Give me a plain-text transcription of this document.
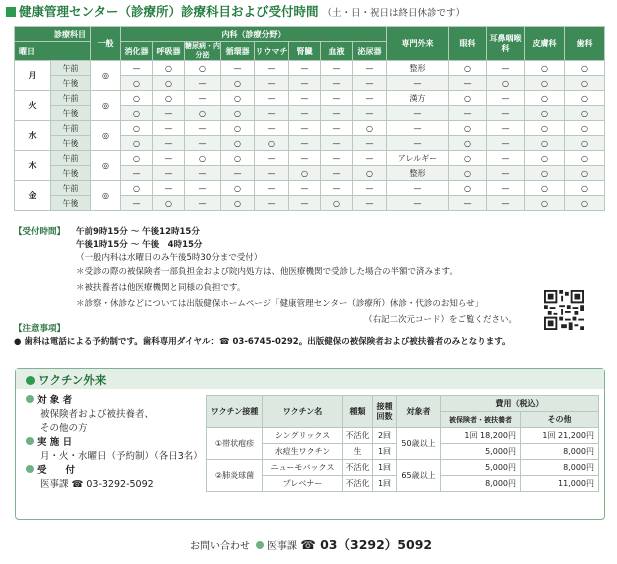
健康管理センター（診療所）診療科目および受付時間 （土・日・祝日は終日休診です）
診療科目		一般	内科（診療分野）								専門外来	眼科	耳鼻咽喉科	皮膚科	歯科
曜日			消化器	呼吸器	糖尿病・内分泌	循環器	リウマチ	腎臓	血液	泌尿器					
月	午前	◎	—	○	○	—	—	—	—	—	整形	○	—	○	○
	午後		○	○	—	○	—	—	—	—	—	—	○	○	○
火	午前	◎	○	○	—	○	—	—	—	—	漢方	○	—	○	○
	午後		○	—	○	○	—	—	—	—	—	—	—	○	○
水	午前	◎	○	—	—	○	—	—	—	○	—	○	—	○	○
	午後		○	—	—	○	○	—	—	—	—	○	—	○	○
木	午前	◎	○	—	○	○	—	—	—	—	アレルギー	○	—	○	○
	午後		—	—	—	—	—	○	—	○	整形	○	—	○	○
金	午前	◎	○	—	—	○	—	—	—	—	—	○	—	○	○
	午後		—	○	—	○	—	—	○	—	—	—	—	○	○
【受付時間】 午前9時15分 ～ 午後12時15分
午後1時15分 ～ 午後　4時15分
（一般内科は水曜日のみ午後5時30分まで受付）
＊受診の際の被保険者一部負担金および院内処方は、他医療機関で受診した場合の半額で済みます。
＊被扶養者は他医療機関と同様の負担です。
＊診察・休診などについては出版健保ホームページ「健康管理センター（診療所）休診・代診のお知らせ」
（右記二次元コード）をご覧ください。
【注意事項】
● 歯科は電話による予約制です。歯科専用ダイヤル：☎ 03-6745-0292。出版健保の被保険者および被扶養者のみとなります。
ワクチン外来
対 象 者
被保険者および被扶養者、
その他の方
実 施 日
月・火・水曜日（予約制）（各日3名）
受　　付
医事課 ☎ 03-3292-5092
ワクチン接種	ワクチン名	種類	接種回数	対象者	費用（税込）	
					被保険者・被扶養者	その他
①帯状疱疹	シングリックス	不活化	2回	50歳以上	1回 18,200円	1回 21,200円
	水痘生ワクチン	生	1回		5,000円	8,000円
②肺炎球菌	ニューモバックス	不活化	1回	65歳以上	5,000円	8,000円
	プレベナー	不活化	1回		8,000円	11,000円
お問い合わせ 医事課 ☎ 03（3292）5092
